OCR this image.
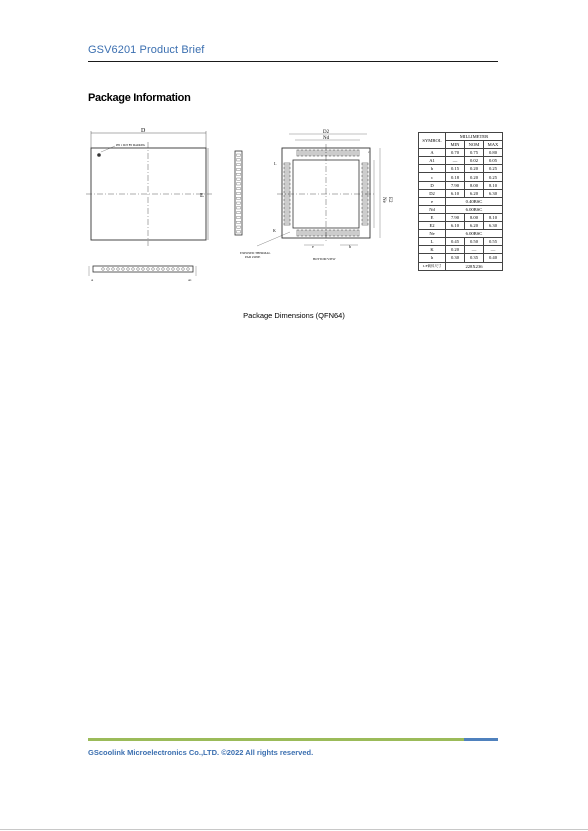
GSV6201 Product Brief
Package Information
D
PIN 1 DOT BY MARKING
E
A	A1
D2
Nd
Ne E2
L
K
e	b
EXPOSED THERMAL
PAD ZONE	BOTTOM VIEW
c
SYMBOL	MILLIMETER		
	MIN	NOM	MAX
A	0.70	0.75	0.80
A1	—	0.02	0.05
b	0.15	0.20	0.25
c	0.18	0.20	0.25
D	7.90	8.00	8.10
D2	6.10	6.20	6.30
e	0.40BSC		
Nd	6.00BSC		
E	7.90	8.00	8.10
E2	6.10	6.20	6.30
Ne	6.00BSC		
L	0.45	0.50	0.55
K	0.20	—	—
h	0.30	0.35	0.40
L/F载体尺寸	228X236		
Package Dimensions (QFN64)
GScoolink Microelectronics Co.,LTD. ©2022 All rights reserved.
